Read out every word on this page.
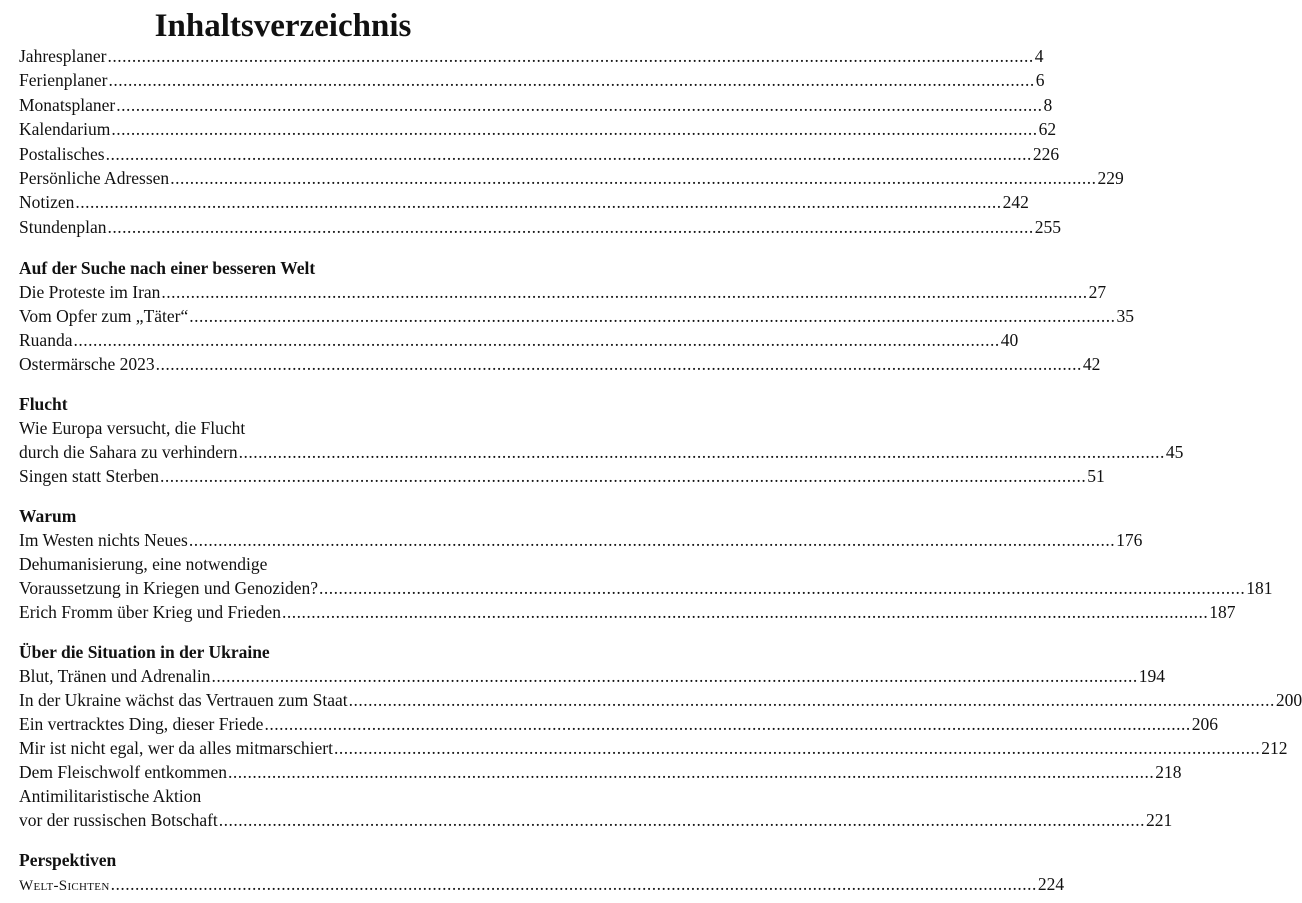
Inhaltsverzeichnis
Jahresplaner .............................................................................................................................................................................................. 4
Ferienplaner .............................................................................................................................................................................................. 6
Monatsplaner .............................................................................................................................................................................................. 8
Kalendarium .............................................................................................................................................................................................. 62
Postalisches .............................................................................................................................................................................................. 226
Persönliche Adressen .............................................................................................................................................................................................. 229
Notizen .............................................................................................................................................................................................. 242
Stundenplan .............................................................................................................................................................................................. 255
Auf der Suche nach einer besseren Welt
Die Proteste im Iran .............................................................................................................................................................................................. 27
Vom Opfer zum „Täter“ .............................................................................................................................................................................................. 35
Ruanda .............................................................................................................................................................................................. 40
Ostermärsche 2023 .............................................................................................................................................................................................. 42
Flucht
Wie Europa versucht, die Flucht
durch die Sahara zu verhindern .............................................................................................................................................................................................. 45
Singen statt Sterben .............................................................................................................................................................................................. 51
Warum
Im Westen nichts Neues .............................................................................................................................................................................................. 176
Dehumanisierung, eine notwendige
Voraussetzung in Kriegen und Genoziden? .............................................................................................................................................................................................. 181
Erich Fromm über Krieg und Frieden .............................................................................................................................................................................................. 187
Über die Situation in der Ukraine
Blut, Tränen und Adrenalin .............................................................................................................................................................................................. 194
In der Ukraine wächst das Vertrauen zum Staat .............................................................................................................................................................................................. 200
Ein vertracktes Ding, dieser Friede .............................................................................................................................................................................................. 206
Mir ist nicht egal, wer da alles mitmarschiert .............................................................................................................................................................................................. 212
Dem Fleischwolf entkommen .............................................................................................................................................................................................. 218
Antimilitaristische Aktion
vor der russischen Botschaft .............................................................................................................................................................................................. 221
Perspektiven
Welt-Sichten .............................................................................................................................................................................................. 224
